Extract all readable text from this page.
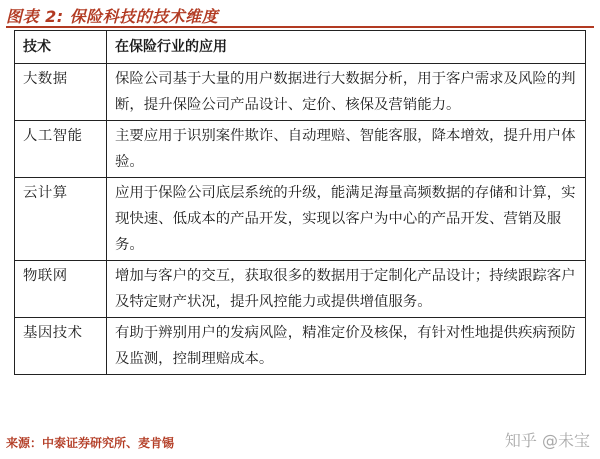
图表 2: 保险科技的技术维度
技术	在保险行业的应用
大数据	保险公司基于大量的用户数据进行大数据分析，用于客户需求及风险的判断，提升保险公司产品设计、定价、核保及营销能力。
人工智能	主要应用于识别案件欺诈、自动理赔、智能客服，降本增效，提升用户体验。
云计算	应用于保险公司底层系统的升级，能满足海量高频数据的存储和计算，实现快速、低成本的产品开发，实现以客户为中心的产品开发、营销及服务。
物联网	增加与客户的交互，获取很多的数据用于定制化产品设计；持续跟踪客户及特定财产状况，提升风控能力或提供增值服务。
基因技术	有助于辨别用户的发病风险，精准定价及核保，有针对性地提供疾病预防及监测，控制理赔成本。
来源：中泰证券研究所、麦肯锡	知乎 @未宝
